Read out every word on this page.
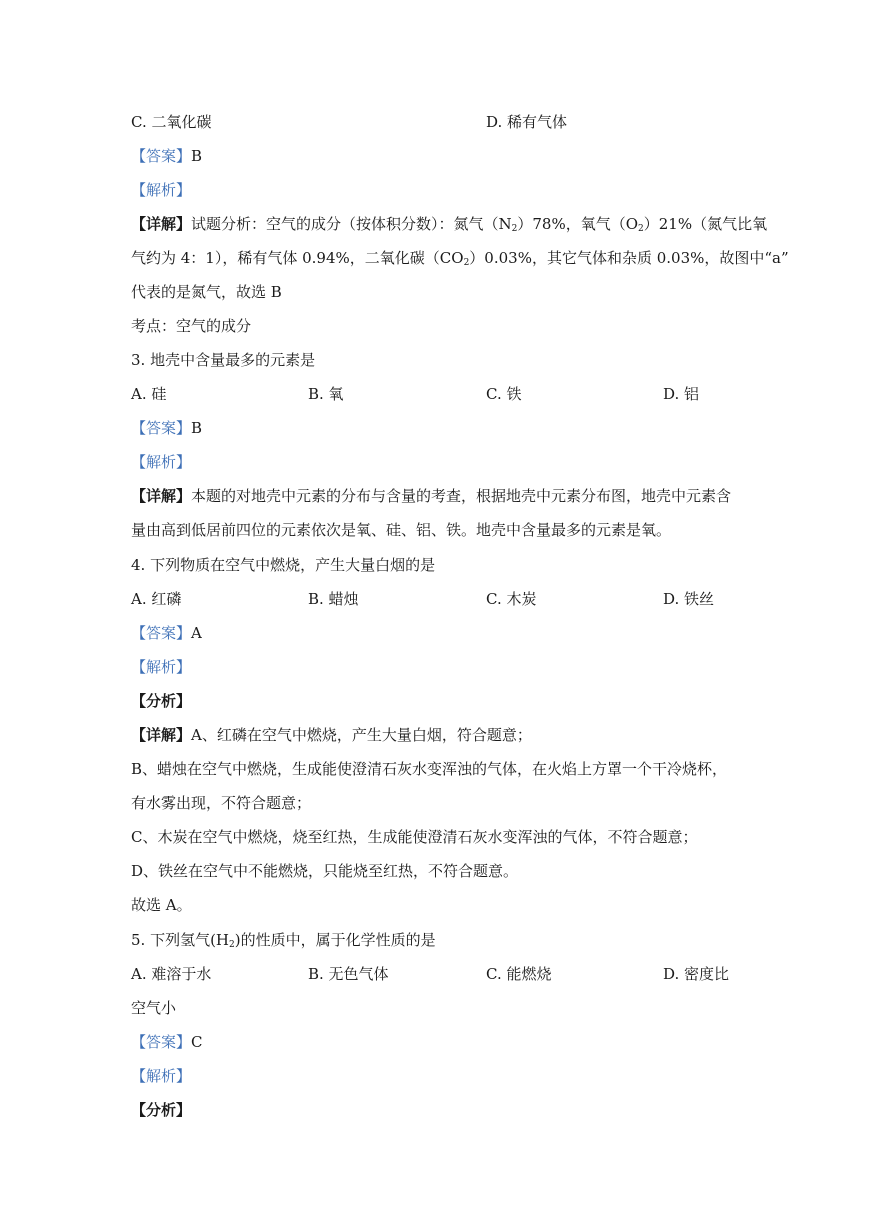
C. 二氧化碳	D. 稀有气体
【答案】B
【解析】
【详解】试题分析：空气的成分（按体积分数）：氮气$(N_2)78\%$，氧气$(O_2)21\%$（氮气比氧
气约为 4：1），稀有气体 0.94%，二氧化碳$(CO_2)0.03\%$，其它气体和杂质 0.03%，故图中“a”
代表的是氮气，故选 B
考点：空气的成分
3. 地壳中含量最多的元素是
A. 硅	B. 氧	C. 铁	D. 铝
【答案】B
【解析】
【详解】本题的对地壳中元素的分布与含量的考查，根据地壳中元素分布图，地壳中元素含
量由高到低居前四位的元素依次是氧、硅、铝、铁。地壳中含量最多的元素是氧。
4. 下列物质在空气中燃烧，产生大量白烟的是
A. 红磷	B. 蜡烛	C. 木炭	D. 铁丝
【答案】A
【解析】
【分析】
【详解】A、红磷在空气中燃烧，产生大量白烟，符合题意；
B、蜡烛在空气中燃烧，生成能使澄清石灰水变浑浊的气体，在火焰上方罩一个干冷烧杯，
有水雾出现，不符合题意；
C、木炭在空气中燃烧，烧至红热，生成能使澄清石灰水变浑浊的气体，不符合题意；
D、铁丝在空气中不能燃烧，只能烧至红热，不符合题意。
故选 A。
5. 下列氢气$(H_2)$的性质中，属于化学性质的是
A. 难溶于水	B. 无色气体	C. 能燃烧	D. 密度比
空气小
【答案】C
【解析】
【分析】
